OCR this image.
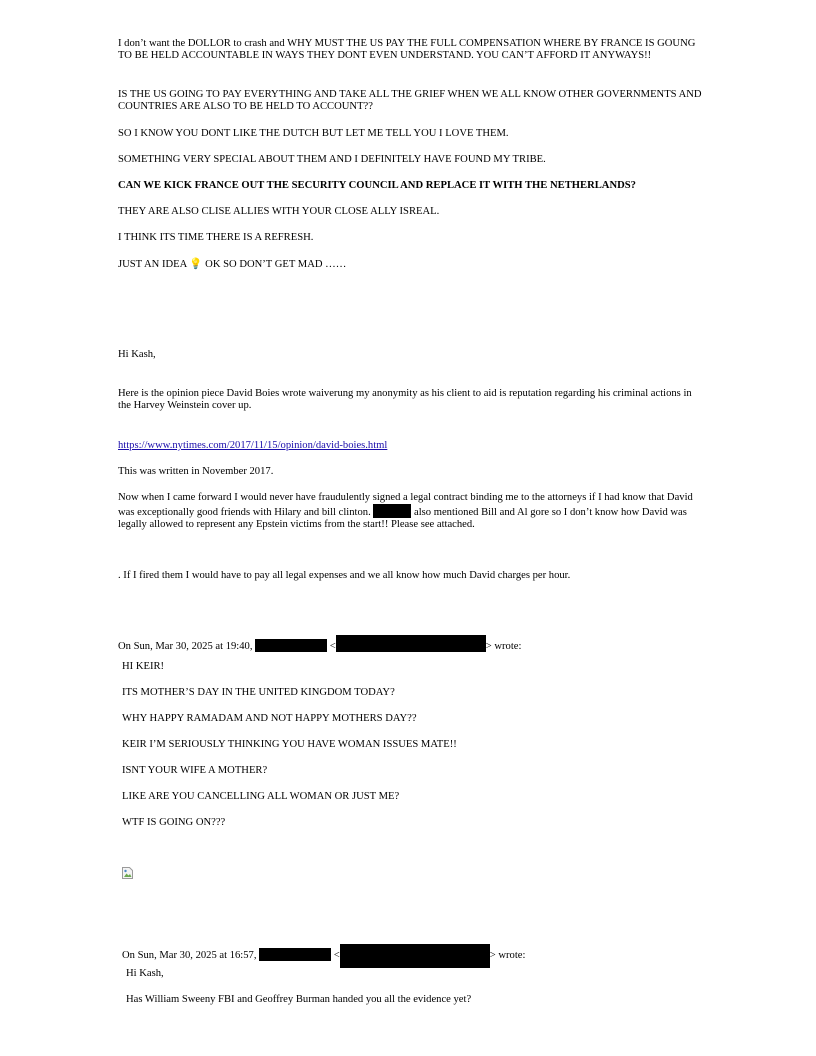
I don’t want the DOLLOR to crash and WHY MUST THE US PAY THE FULL COMPENSATION WHERE BY FRANCE IS GOUNG TO BE HELD ACCOUNTABLE IN WAYS THEY DONT EVEN UNDERSTAND. YOU CAN’T AFFORD IT ANYWAYS!!

IS THE US GOING TO PAY EVERYTHING AND TAKE ALL THE GRIEF WHEN WE ALL KNOW OTHER GOVERNMENTS AND COUNTRIES ARE ALSO TO BE HELD TO ACCOUNT??

SO I KNOW YOU DONT LIKE THE DUTCH BUT LET ME TELL YOU I LOVE THEM.

SOMETHING VERY SPECIAL ABOUT THEM AND I DEFINITELY HAVE FOUND MY TRIBE.

CAN WE KICK FRANCE OUT THE SECURITY COUNCIL AND REPLACE IT WITH THE NETHERLANDS?

THEY ARE ALSO CLISE ALLIES WITH YOUR CLOSE ALLY ISREAL.

I THINK ITS TIME THERE IS A REFRESH.

JUST AN IDEA 💡 OK SO DON’T GET MAD ……

Hi Kash,

Here is the opinion piece David Boies wrote waiverung my anonymity as his client to aid is reputation regarding his criminal actions in the Harvey Weinstein cover up.

https://www.nytimes.com/2017/11/15/opinion/david-boies.html

This was written in November 2017.

Now when I came forward I would never have fraudulently signed a legal contract binding me to the attorneys if I had know that David was exceptionally good friends with Hilary and bill clinton.	also mentioned Bill and Al gore so I don’t know how David was legally allowed to represent any Epstein victims from the start!! Please see attached.

. If I fired them I would have to pay all legal expenses and we all know how much David charges per hour.

On Sun, Mar 30, 2025 at 19:40,	<	> wrote:

HI KEIR!

ITS MOTHER’S DAY IN THE UNITED KINGDOM TODAY?

WHY HAPPY RAMADAM AND NOT HAPPY MOTHERS DAY??

KEIR I’M SERIOUSLY THINKING YOU HAVE WOMAN ISSUES MATE!!

ISNT YOUR WIFE A MOTHER?

LIKE ARE YOU CANCELLING ALL WOMAN OR JUST ME?

WTF IS GOING ON???

On Sun, Mar 30, 2025 at 16:57,	<	> wrote:

Hi Kash,

Has William Sweeny FBI and Geoffrey Burman handed you all the evidence yet?
